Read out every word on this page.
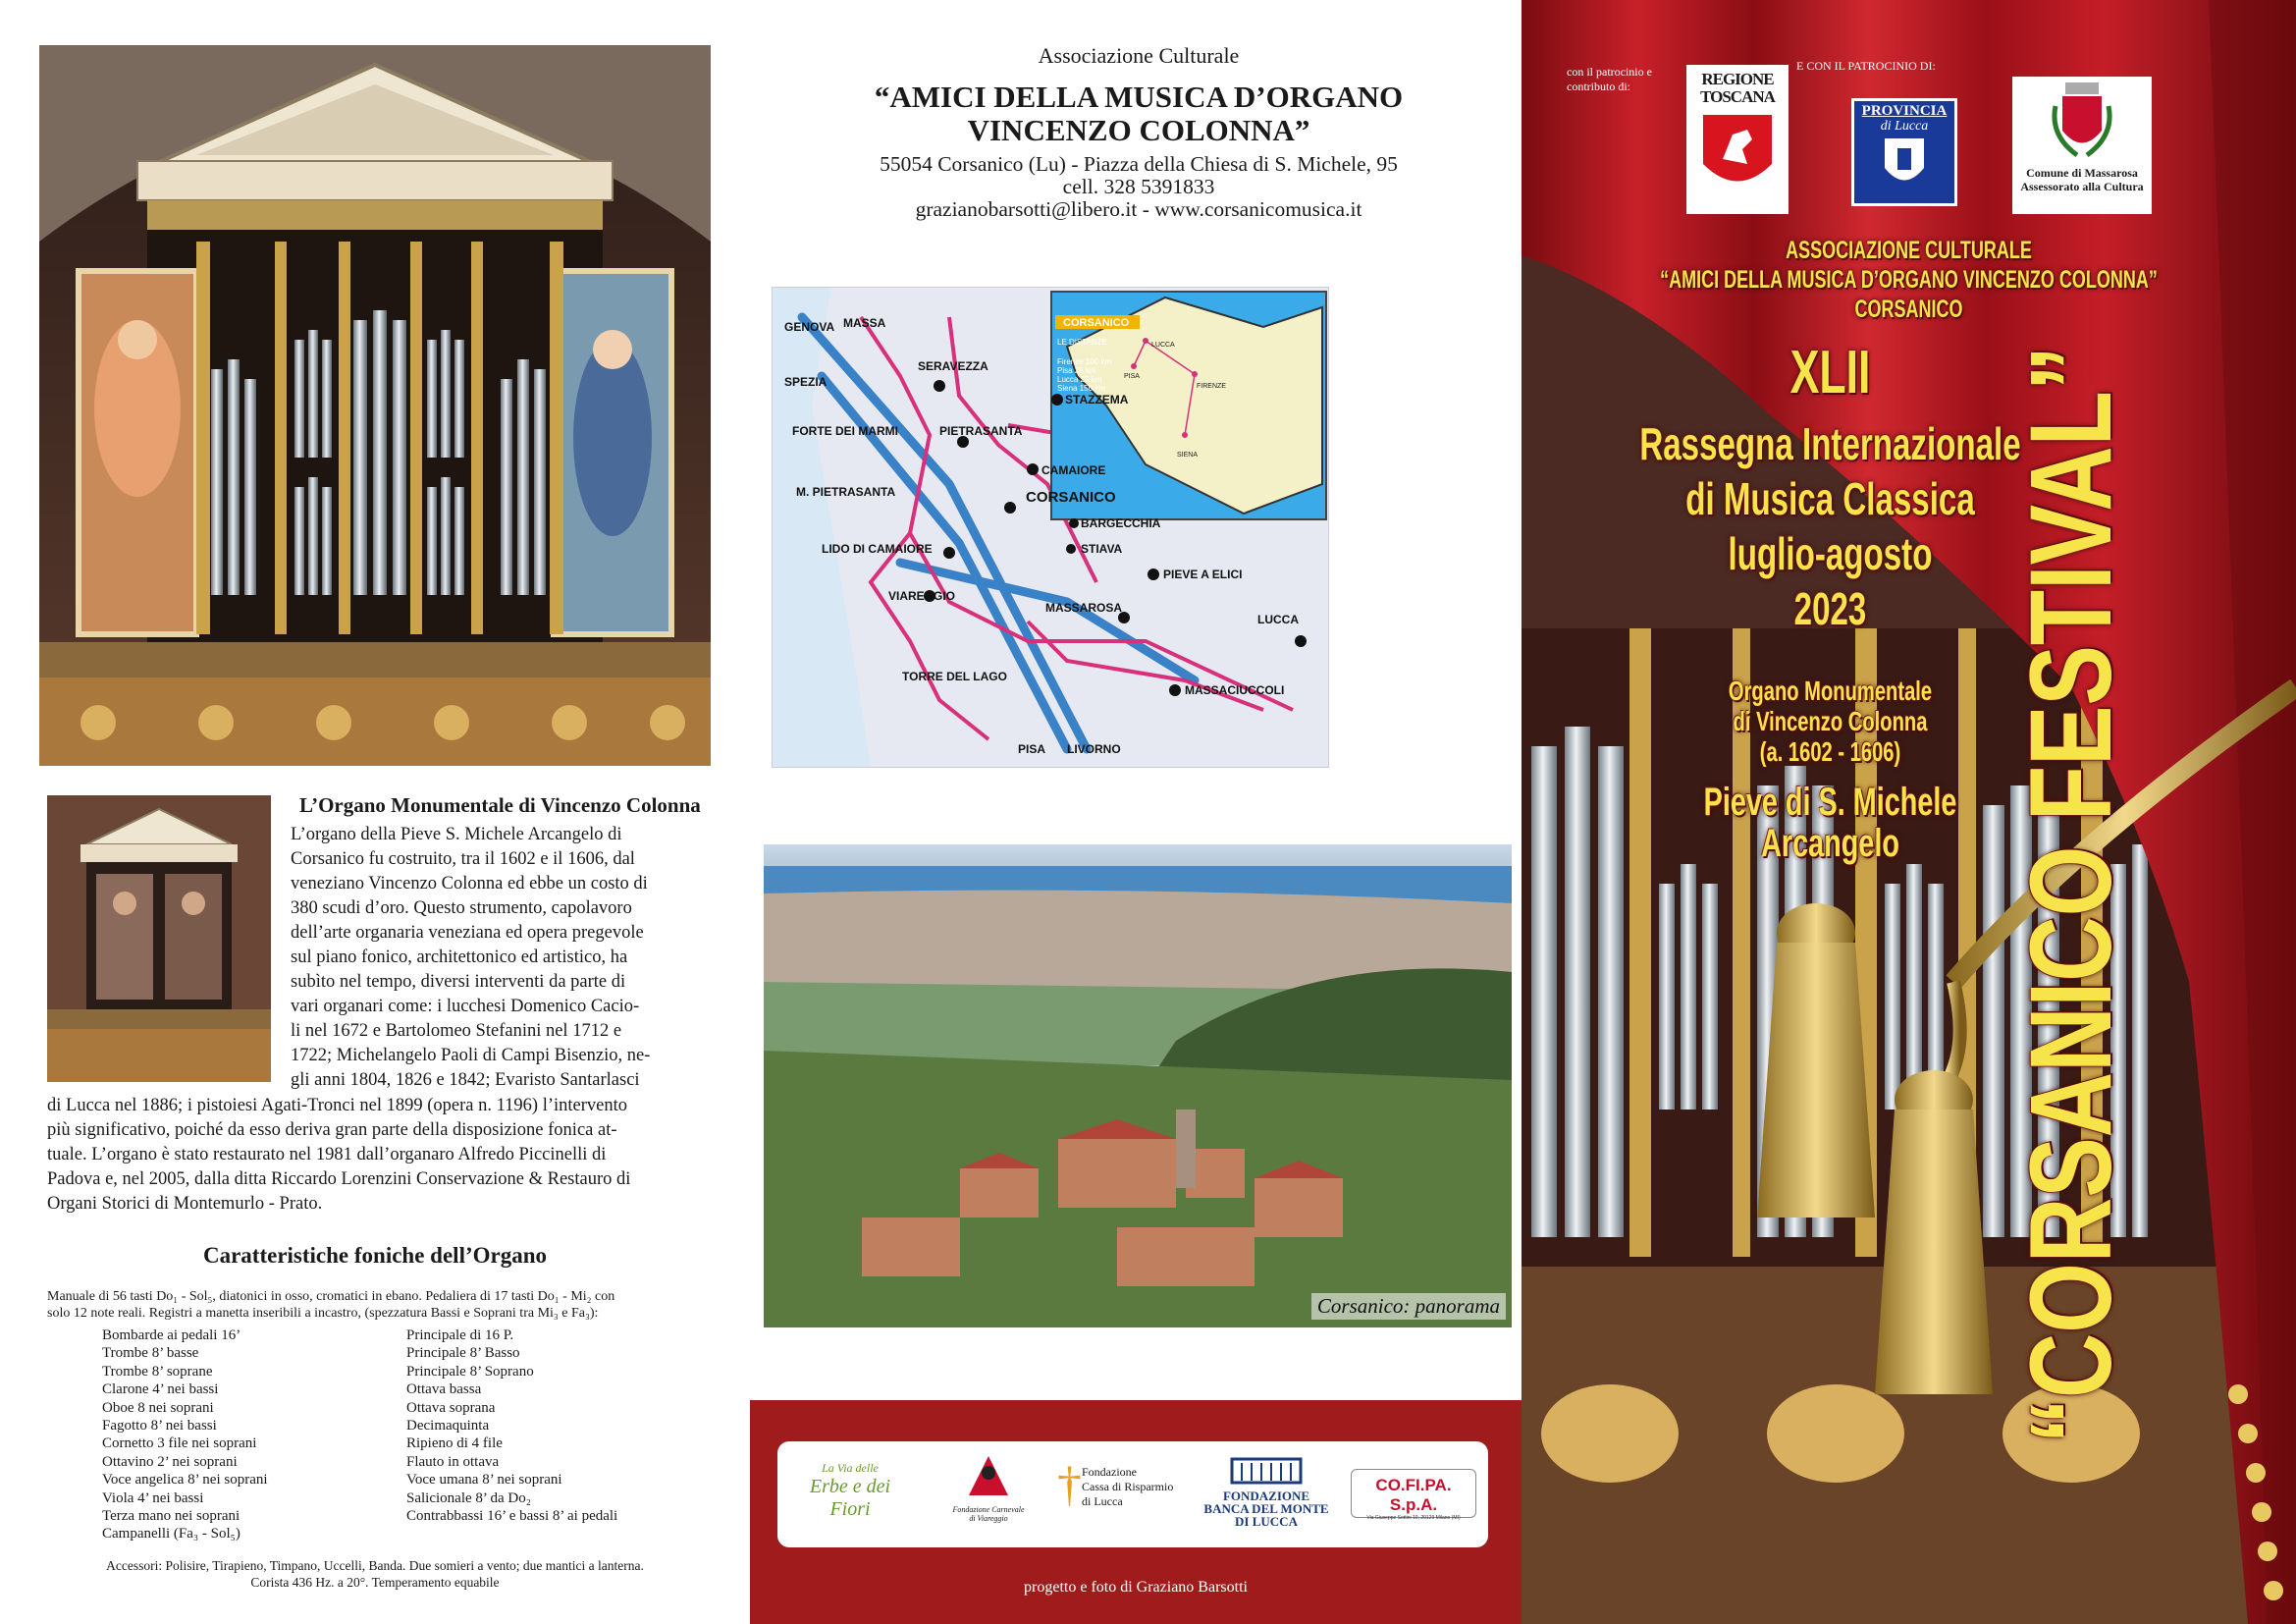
L’Organo Monumentale di Vincenzo Colonna
L’organo della Pieve S. Michele Arcangelo di
Corsanico fu costruito, tra il 1602 e il 1606, dal
veneziano Vincenzo Colonna ed ebbe un costo di
380 scudi d’oro. Questo strumento, capolavoro
dell’arte organaria veneziana ed opera pregevole
sul piano fonico, architettonico ed artistico, ha
subìto nel tempo, diversi interventi da parte di
vari organari come: i lucchesi Domenico Cacio-
li nel 1672 e Bartolomeo Stefanini nel 1712 e
1722; Michelangelo Paoli di Campi Bisenzio, ne-
gli anni 1804, 1826 e 1842; Evaristo Santarlasci
di Lucca nel 1886; i pistoiesi Agati-Tronci nel 1899 (opera n. 1196) l’intervento
più significativo, poiché da esso deriva gran parte della disposizione fonica at-
tuale. L’organo è stato restaurato nel 1981 dall’organaro Alfredo Piccinelli di
Padova e, nel 2005, dalla ditta Riccardo Lorenzini Conservazione & Restauro di
Organi Storici di Montemurlo - Prato.
Caratteristiche foniche dell’Organo
Manuale di 56 tasti Do₁ - Sol₅, diatonici in osso, cromatici in ebano. Pedaliera di 17 tasti Do₁ - Mi₂ con
solo 12 note reali. Registri a manetta inseribili a incastro, (spezzatura Bassi e Soprani tra Mi₃ e Fa₃):
Bombarde ai pedali 16’
Trombe 8’ basse
Trombe 8’ soprane
Clarone 4’ nei bassi
Oboe 8 nei soprani
Fagotto 8’ nei bassi
Cornetto 3 file nei soprani
Ottavino 2’ nei soprani
Voce angelica 8’ nei soprani
Viola 4’ nei bassi
Terza mano nei soprani
Campanelli (Fa₃ - Sol₅)
Principale di 16 P.
Principale 8’ Basso
Principale 8’ Soprano
Ottava bassa
Ottava soprana
Decimaquinta
Ripieno di 4 file
Flauto in ottava
Voce umana 8’ nei soprani
Salicionale 8’ da Do₂
Contrabbassi 16’ e bassi 8’ ai pedali
Accessori: Polisire, Tirapieno, Timpano, Uccelli, Banda. Due somieri a vento; due mantici a lanterna.
Corista 436 Hz. a 20°. Temperamento equabile
Associazione Culturale
“AMICI DELLA MUSICA D’ORGANO
VINCENZO COLONNA”
55054 Corsanico (Lu) - Piazza della Chiesa di S. Michele, 95
cell. 328 5391833
grazianobarsotti@libero.it - www.corsanicomusica.it
CORSANICO
LE DISTANZE
Firenze 100 km
Pisa 25 km
Lucca 25 km
Siena 150 km
LUCCA
PISA
FIRENZE
SIENA
GENOVA MASSA
SPEZIA
SERAVEZZA
STAZZEMA
FORTE DEI MARMI	PIETRASANTA
CAMAIORE
M. PIETRASANTA	CORSANICO
BARGECCHIA
LIDO DI CAMAIORE	STIAVA
PIEVE A ELICI
VIAREGGIO
MASSAROSA
LUCCA
TORRE DEL LAGO
MASSACIUCCOLI
PISA LIVORNO
Corsanico: panorama
La Via delle
Erbe e dei Fiori	Fondazione Carnevale
di Viareggio
† Fondazione
Cassa di Risparmio
di Lucca	FONDAZIONE
BANCA DEL MONTE
DI LUCCA
CO.FI.PA. S.p.A.
Via Giuseppe Sottini 10, 20129 Milano (MI)
progetto e foto di Graziano Barsotti
con il patrocinio e contributo di:	REGIONE
TOSCANA
E CON IL PATROCINIO DI:
PROVINCIA
di Lucca
Comune di Massarosa
Assessorato alla Cultura
ASSOCIAZIONE CULTURALE
“AMICI DELLA MUSICA D’ORGANO VINCENZO COLONNA”
CORSANICO
XLII
Rassegna Internazionale
di Musica Classica
luglio-agosto
2023
Organo Monumentale
di Vincenzo Colonna
(a. 1602 - 1606)
Pieve di S. Michele
Arcangelo “CORSANICO FESTIVAL”
